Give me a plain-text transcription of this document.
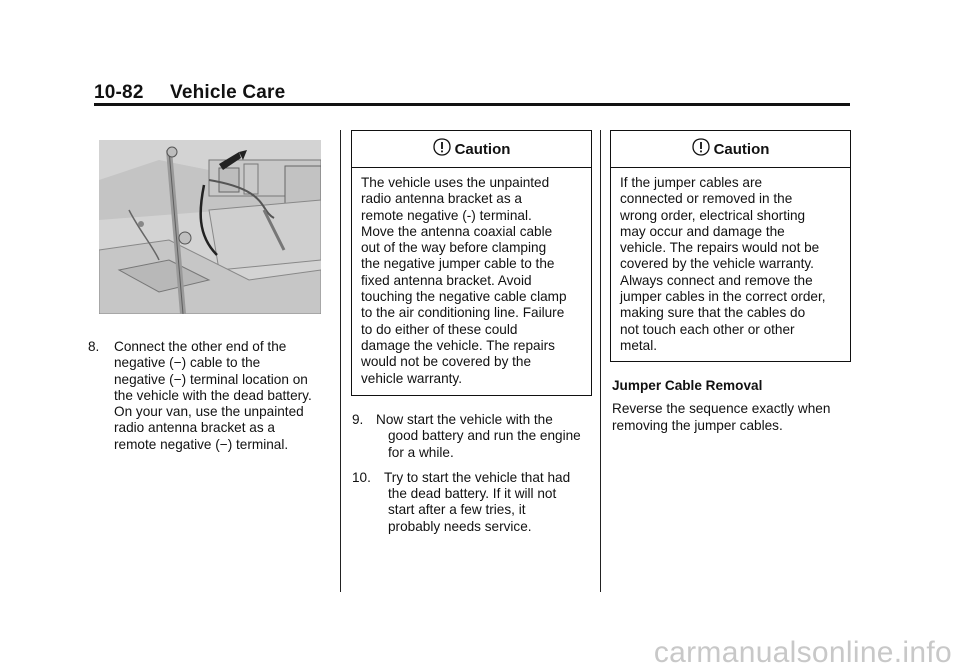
10-82 Vehicle Care
8. Connect the other end of the
negative (−) cable to the
negative (−) terminal location on
the vehicle with the dead battery.
On your van, use the unpainted
radio antenna bracket as a
remote negative (−) terminal.
Caution
The vehicle uses the unpainted
radio antenna bracket as a
remote negative (-) terminal.
Move the antenna coaxial cable
out of the way before clamping
the negative jumper cable to the
fixed antenna bracket. Avoid
touching the negative cable clamp
to the air conditioning line. Failure
to do either of these could
damage the vehicle. The repairs
would not be covered by the
vehicle warranty.
9. Now start the vehicle with the
good battery and run the engine
for a while.
10. Try to start the vehicle that had
the dead battery. If it will not
start after a few tries, it
probably needs service.
Caution
If the jumper cables are
connected or removed in the
wrong order, electrical shorting
may occur and damage the
vehicle. The repairs would not be
covered by the vehicle warranty.
Always connect and remove the
jumper cables in the correct order,
making sure that the cables do
not touch each other or other
metal.
Jumper Cable Removal
Reverse the sequence exactly when
removing the jumper cables.
carmanualsonline.info
